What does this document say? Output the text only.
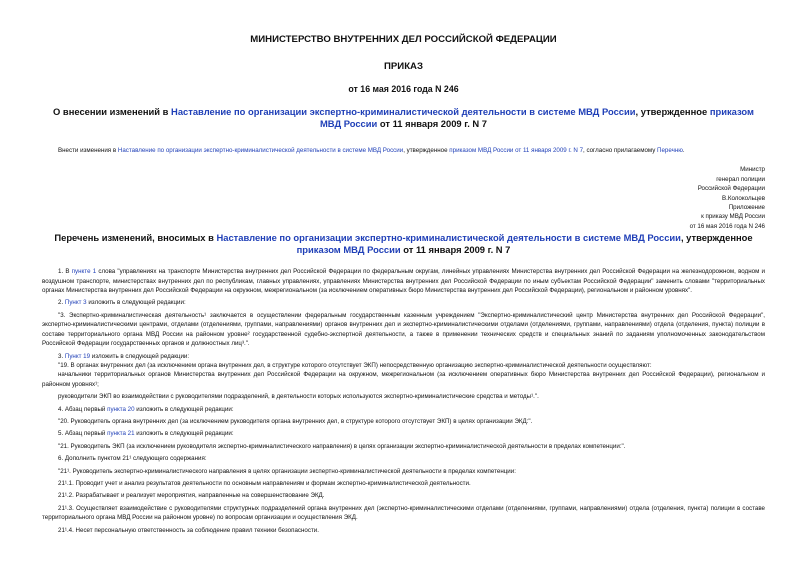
МИНИСТЕРСТВО ВНУТРЕННИХ ДЕЛ РОССИЙСКОЙ ФЕДЕРАЦИИ

ПРИКАЗ

от 16 мая 2016 года N 246

О внесении изменений в Наставление по организации экспертно-криминалистической деятельности в системе МВД России, утвержденное приказом МВД России от 11 января 2009 г. N 7

Внести изменения в Наставление по организации экспертно-криминалистической деятельности в системе МВД России, утвержденное приказом МВД России от 11 января 2009 г. N 7, согласно прилагаемому Перечню.

Министр
генерал полиции
Российской Федерации
В.Колокольцев
Приложение
к приказу МВД России
от 16 мая 2016 года N 246

Перечень изменений, вносимых в Наставление по организации экспертно-криминалистической деятельности в системе МВД России, утвержденное приказом МВД России от 11 января 2009 г. N 7

1. В пункте 1 слова "управлениях на транспорте Министерства внутренних дел Российской Федерации по федеральным округам, линейных управлениях Министерства внутренних дел Российской Федерации на железнодорожном, водном и воздушном транспорте, министерствах внутренних дел по республикам, главных управлениях, управлениях Министерства внутренних дел Российской Федерации по иным субъектам Российской Федерации" заменить словами "территориальных органах Министерства внутренних дел Российской Федерации на окружном, межрегиональном (за исключением оперативных бюро Министерства внутренних дел Российской Федерации), региональном и районном уровнях".

2. Пункт 3 изложить в следующей редакции:

"3. Экспертно-криминалистическая деятельность¹ заключается в осуществлении федеральным государственным казенным учреждением "Экспертно-криминалистический центр Министерства внутренних дел Российской Федерации", экспертно-криминалистическими центрами, отделами (отделениями, группами, направлениями) органов внутренних дел и экспертно-криминалистическими отделами (отделениями, группами, направлениями) отдела (отделения, пункта) полиции в составе территориального органа МВД России на районном уровне² государственной судебно-экспертной деятельности, а также в применении технических средств и специальных знаний по заданиям уполномоченных законодательством Российской Федерации государственных органов и должностных лиц³.".

3. Пункт 19 изложить в следующей редакции:

"19. В органах внутренних дел (за исключением органа внутренних дел, в структуре которого отсутствует ЭКП) непосредственную организацию экспертно-криминалистической деятельности осуществляют:

начальники территориальных органов Министерства внутренних дел Российской Федерации на окружном, межрегиональном (за исключением оперативных бюро Министерства внутренних дел Российской Федерации), региональном и районном уровнях¹;

руководители ЭКП во взаимодействии с руководителями подразделений, в деятельности которых используются экспертно-криминалистические средства и методы¹.".

4. Абзац первый пункта 20 изложить в следующей редакции:

"20. Руководитель органа внутренних дел (за исключением руководителя органа внутренних дел, в структуре которого отсутствует ЭКП) в целях организации ЭКД:".

5. Абзац первый пункта 21 изложить в следующей редакции:

"21. Руководитель ЭКП (за исключением руководителя экспертно-криминалистического направления) в целях организации экспертно-криминалистической деятельности в пределах компетенции:".

6. Дополнить пунктом 21¹ следующего содержания:

"21¹. Руководитель экспертно-криминалистического направления в целях организации экспертно-криминалистической деятельности в пределах компетенции:

21¹.1. Проводит учет и анализ результатов деятельности по основным направлениям и формам экспертно-криминалистической деятельности.

21¹.2. Разрабатывает и реализует мероприятия, направленные на совершенствование ЭКД.

21¹.3. Осуществляет взаимодействие с руководителями структурных подразделений органа внутренних дел (экспертно-криминалистическими отделами (отделениями, группами, направлениями) отдела (отделения, пункта) полиции в составе территориального органа МВД России на районном уровне) по вопросам организации и осуществления ЭКД.

21¹.4. Несет персональную ответственность за соблюдение правил техники безопасности.
